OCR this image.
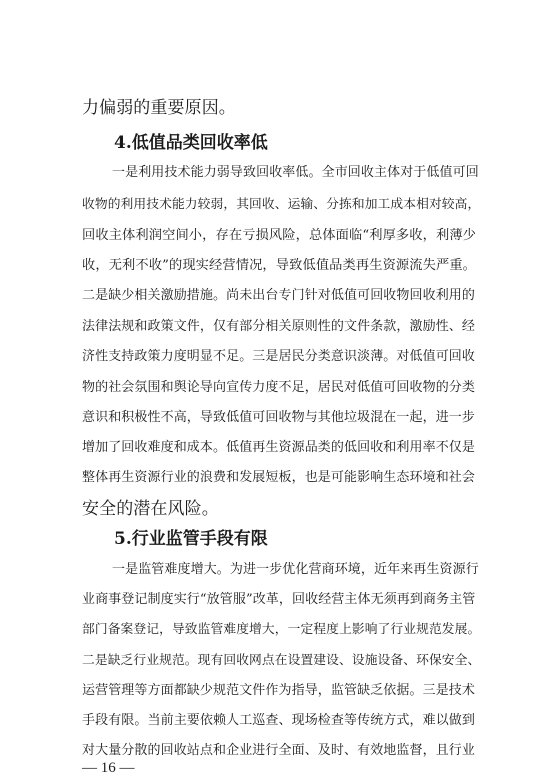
力偏弱的重要原因。
4.低值品类回收率低
一是利用技术能力弱导致回收率低。全市回收主体对于低值可回
收物的利用技术能力较弱，其回收、运输、分拣和加工成本相对较高，
回收主体利润空间小，存在亏损风险，总体面临“利厚多收，利薄少
收，无利不收”的现实经营情况，导致低值品类再生资源流失严重。
二是缺少相关激励措施。尚未出台专门针对低值可回收物回收利用的
法律法规和政策文件，仅有部分相关原则性的文件条款，激励性、经
济性支持政策力度明显不足。三是居民分类意识淡薄。对低值可回收
物的社会氛围和舆论导向宣传力度不足，居民对低值可回收物的分类
意识和积极性不高，导致低值可回收物与其他垃圾混在一起，进一步
增加了回收难度和成本。低值再生资源品类的低回收和利用率不仅是
整体再生资源行业的浪费和发展短板，也是可能影响生态环境和社会
安全的潜在风险。
5.行业监管手段有限
一是监管难度增大。为进一步优化营商环境，近年来再生资源行
业商事登记制度实行“放管服”改革，回收经营主体无须再到商务主管
部门备案登记，导致监管难度增大，一定程度上影响了行业规范发展。
二是缺乏行业规范。现有回收网点在设置建设、设施设备、环保安全、
运营管理等方面都缺少规范文件作为指导，监管缺乏依据。三是技术
手段有限。当前主要依赖人工巡查、现场检查等传统方式，难以做到
对大量分散的回收站点和企业进行全面、及时、有效地监督，且行业
— 16 —
